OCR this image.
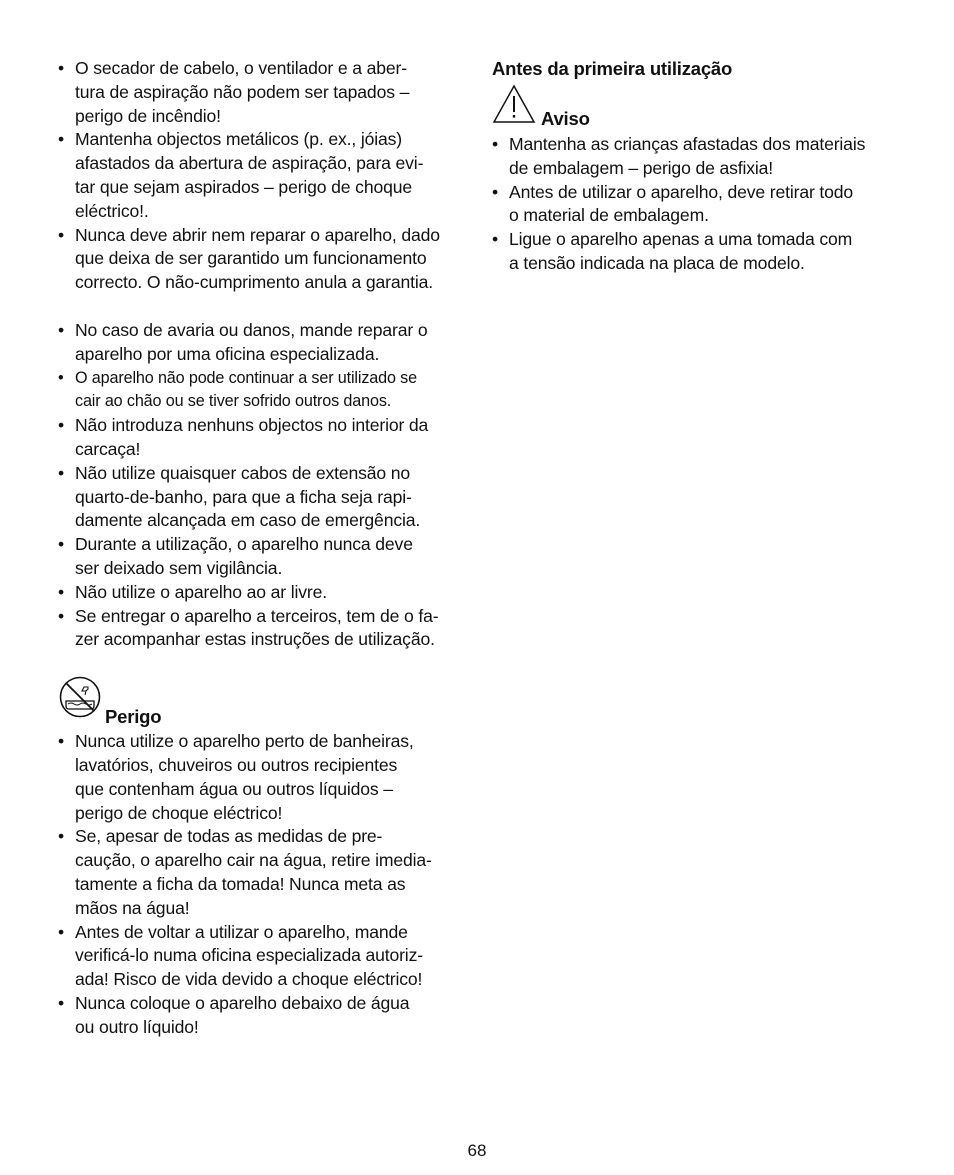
• O secador de cabelo, o ventilador e a aber-
tura de aspiração não podem ser tapados –
perigo de incêndio!
• Mantenha objectos metálicos (p. ex., jóias)
afastados da abertura de aspiração, para evi-
tar que sejam aspirados – perigo de choque
eléctrico!.
• Nunca deve abrir nem reparar o aparelho, dado
que deixa de ser garantido um funcionamento
correcto. O não-cumprimento anula a garantia.
• No caso de avaria ou danos, mande reparar o
aparelho por uma oficina especializada.
• O aparelho não pode continuar a ser utilizado se
cair ao chão ou se tiver sofrido outros danos.
• Não introduza nenhuns objectos no interior da
carcaça!
• Não utilize quaisquer cabos de extensão no
quarto-de-banho, para que a ficha seja rapi-
damente alcançada em caso de emergência.
• Durante a utilização, o aparelho nunca deve
ser deixado sem vigilância.
• Não utilize o aparelho ao ar livre.
• Se entregar o aparelho a terceiros, tem de o fa-
zer acompanhar estas instruções de utilização.
Perigo
• Nunca utilize o aparelho perto de banheiras,
lavatórios, chuveiros ou outros recipientes
que contenham água ou outros líquidos –
perigo de choque eléctrico!
• Se, apesar de todas as medidas de pre-
caução, o aparelho cair na água, retire imedia-
tamente a ficha da tomada! Nunca meta as
mãos na água!
• Antes de voltar a utilizar o aparelho, mande
verificá-lo numa oficina especializada autoriz-
ada! Risco de vida devido a choque eléctrico!
• Nunca coloque o aparelho debaixo de água
ou outro líquido!
Antes da primeira utilização
Aviso
• Mantenha as crianças afastadas dos materiais
de embalagem – perigo de asfixia!
• Antes de utilizar o aparelho, deve retirar todo
o material de embalagem.
• Ligue o aparelho apenas a uma tomada com
a tensão indicada na placa de modelo.
68
